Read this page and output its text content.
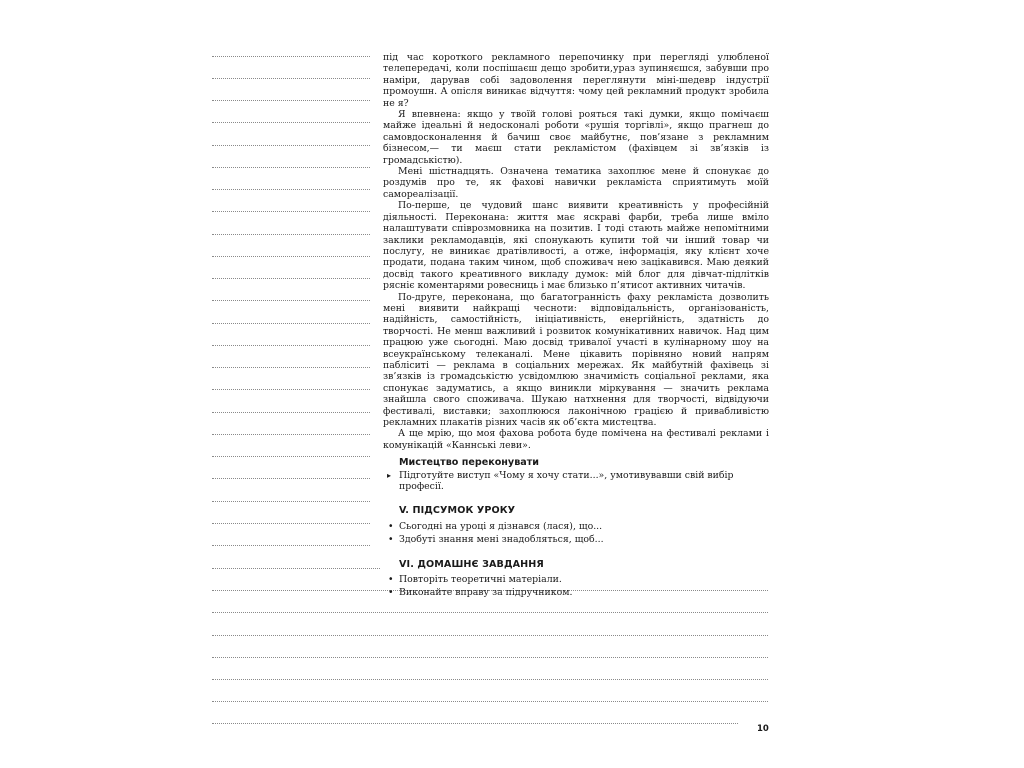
під час короткого рекламного перепочинку при перегляді улюбленої телепередачі, коли поспішаєш дещо зробити,ураз зупиняєшся, забувши про наміри, дарував собі задоволення переглянути міні-шедевр індустрії промоушн. А опісля виникає відчуття: чому цей рекламний продукт зробила не я?

Я впевнена: якщо у твоїй голові рояться такі думки, якщо помічаєш майже ідеальні й недосконалі роботи «рушія торгівлі», якщо прагнеш до самовдосконалення й бачиш своє майбутнє, пов’язане з рекламним бізнесом,— ти маєш стати рекламістом (фахівцем зі зв’язків із громадськістю).

Мені шістнадцять. Означена тематика захоплює мене й спонукає до роздумів про те, як фахові навички рекламіста сприятимуть моїй самореалізації.

По-перше, це чудовий шанс виявити креативність у професійній діяльності. Переконана: життя має яскраві фарби, треба лише вміло налаштувати співрозмовника на позитив. І тоді стають майже непомітними заклики рекламодавців, які спонукають купити той чи інший товар чи послугу, не виникає дратівливості, а отже, інформація, яку клієнт хоче продати, подана таким чином, щоб споживач нею зацікавився. Маю деякий досвід такого креативного викладу думок: мій блог для дівчат-підлітків рясніє коментарями ровесниць і має близько п’ятисот активних читачів.

По-друге, переконана, що багатогранність фаху рекламіста дозволить мені виявити найкращі чесноти: відповідальність, організованість, надійність, самостійність, ініціативність, енергійність, здатність до творчості. Не менш важливий і розвиток комунікативних навичок. Над цим працюю уже сьогодні. Маю досвід тривалої участі в кулінарному шоу на всеукраїнському телеканалі. Мене цікавить порівняно новий напрям пабліситі — реклама в соціальних мережах. Як майбутній фахівець зі зв’язків із громадськістю усвідомлюю значимість соціальної реклами, яка спонукає задуматись, а якщо виникли міркування — значить реклама знайшла свого споживача. Шукаю натхнення для творчості, відвідуючи фестивалі, виставки; захоплююся лаконічною грацією й привабливістю рекламних плакатів різних часів як об’єкта мистецтва.

А ще мрію, що моя фахова робота буде помічена на фестивалі реклами і комунікацій «Каннські леви».

Мистецтво переконувати
▸ Підготуйте виступ «Чому я хочу стати...», умотивувавши свій вибір професії.
V. ПІДСУМОК УРОКУ
• Сьогодні на уроці я дізнався (лася), що...
• Здобуті знання мені знадобляться, щоб...
VI. ДОМАШНЄ ЗАВДАННЯ
• Повторіть теоретичні матеріали.
• Виконайте вправу за підручником.
10
